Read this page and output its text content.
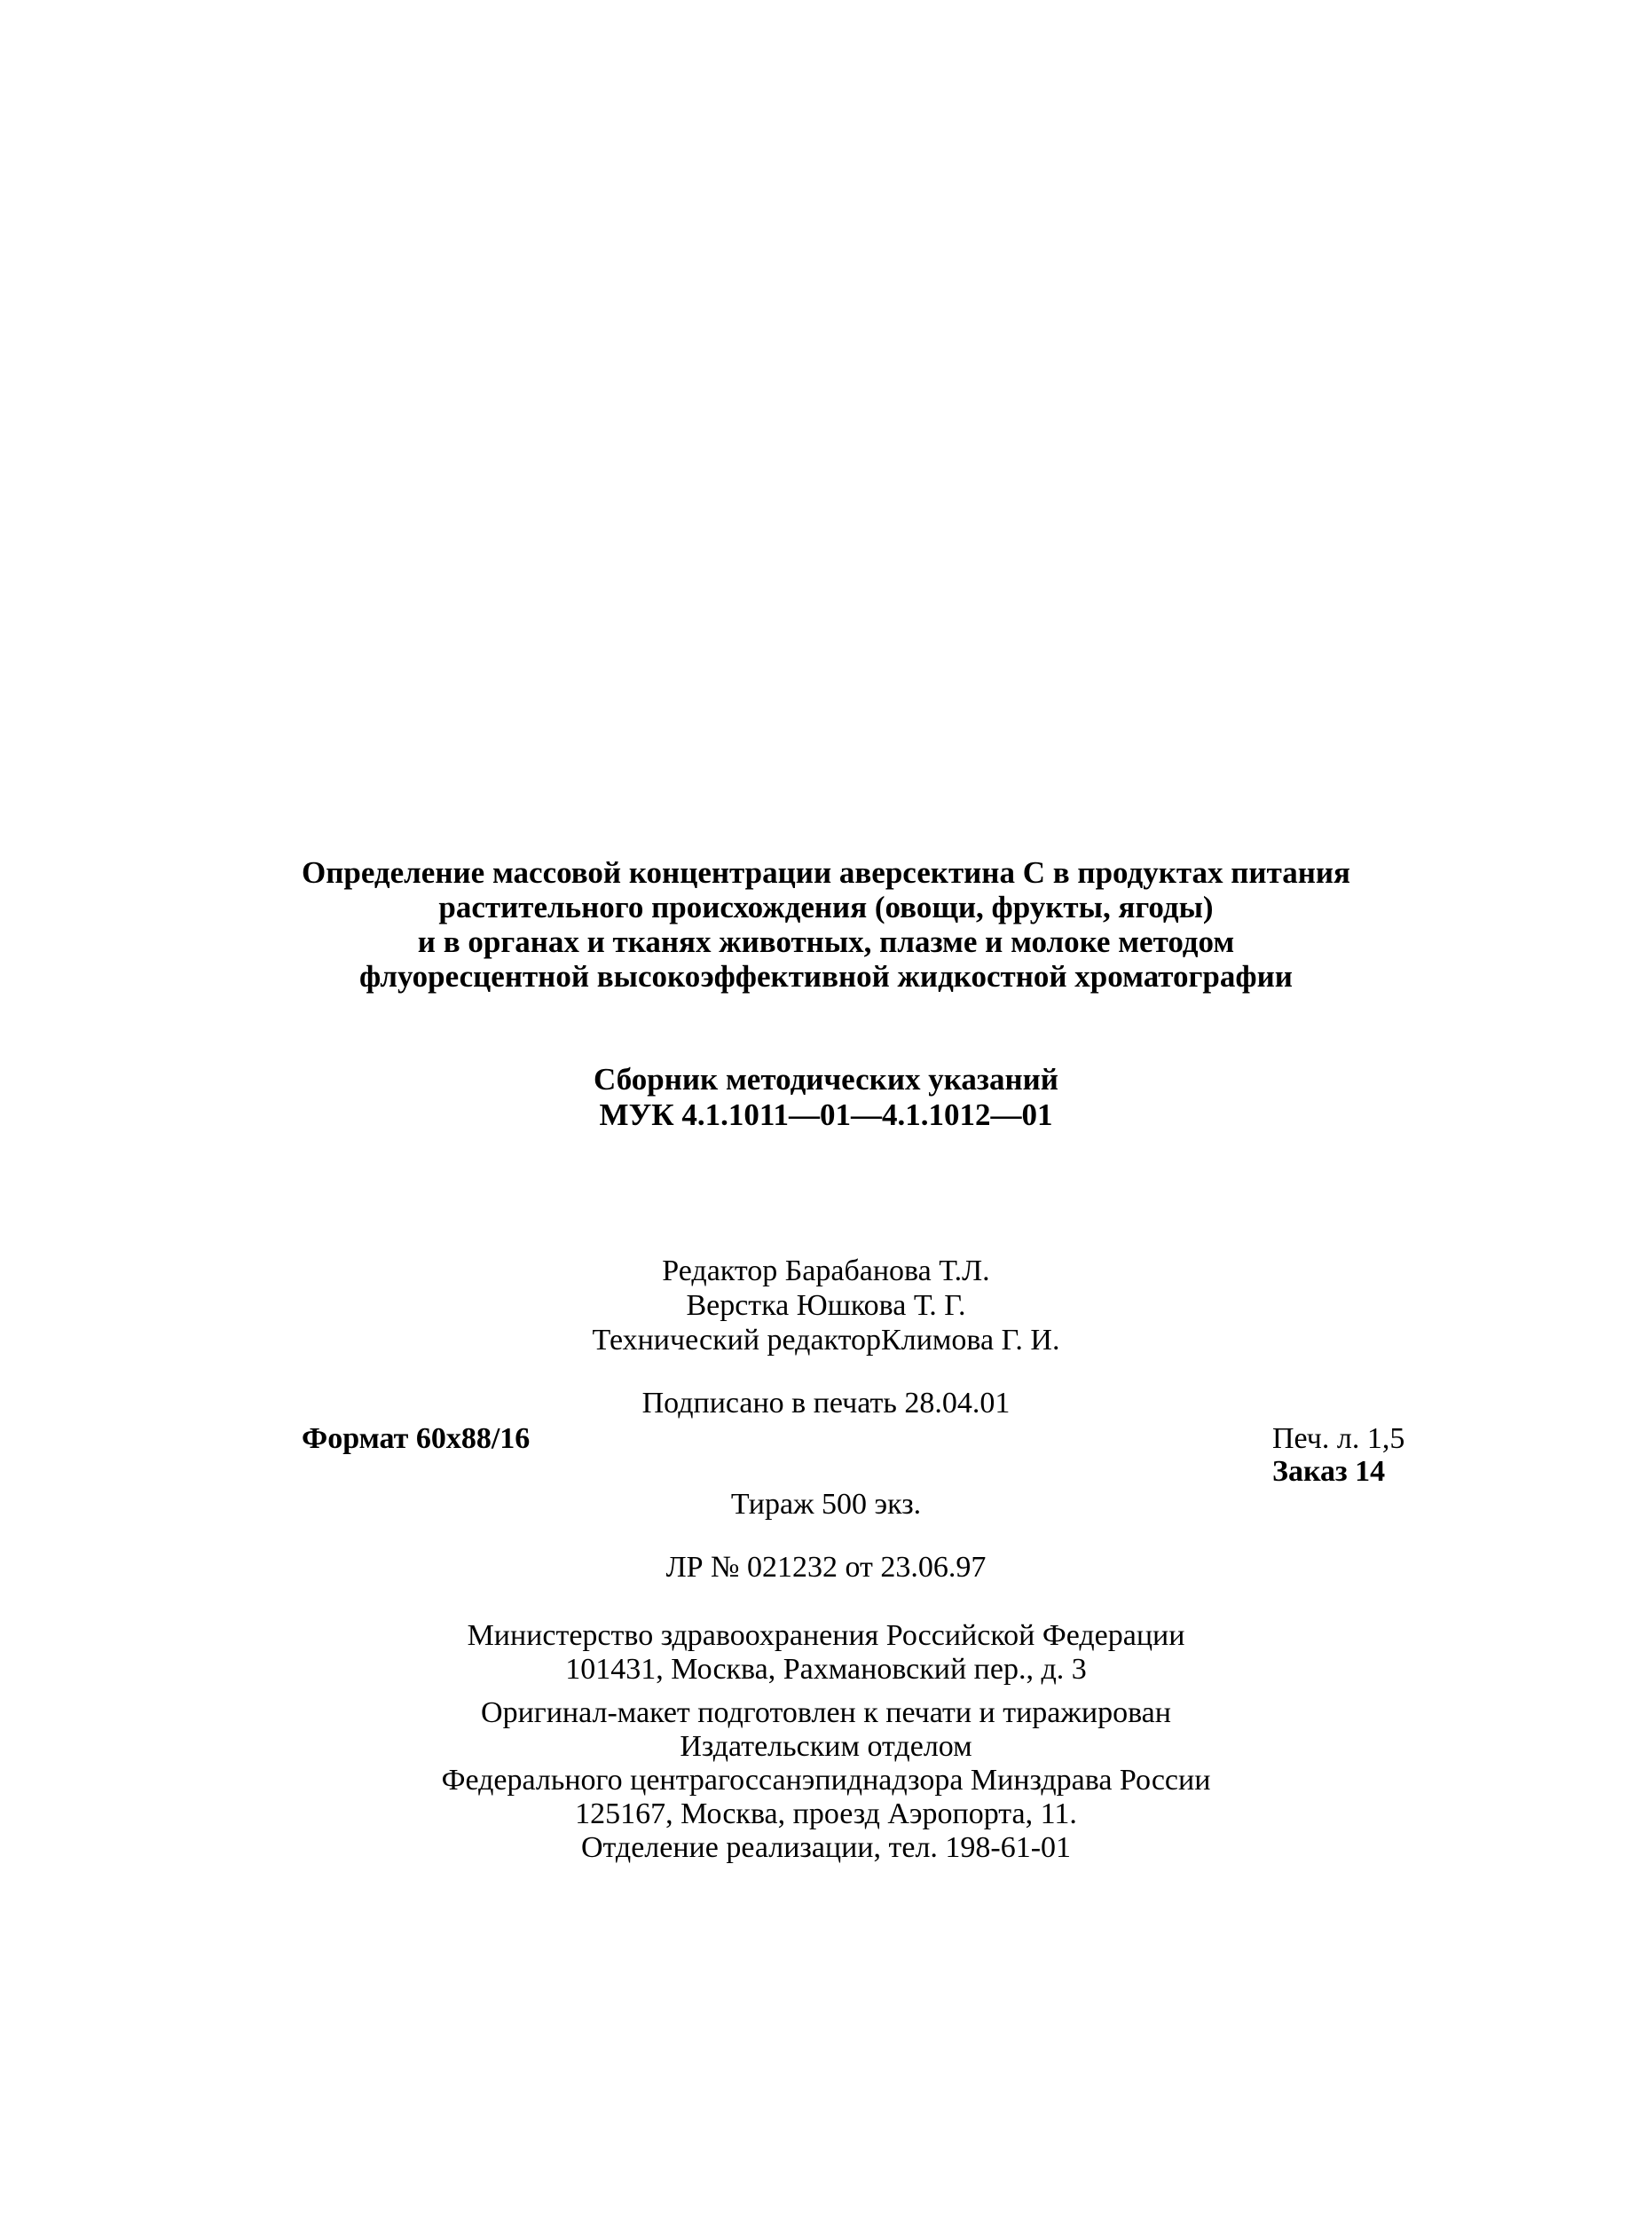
Определение массовой концентрации аверсектина С в продуктах питания
растительного происхождения (овощи, фрукты, ягоды)
и в органах и тканях животных, плазме и молоке методом
флуоресцентной высокоэффективной жидкостной хроматографии
Сборник методических указаний
МУК 4.1.1011—01—4.1.1012—01
Редактор Барабанова Т.Л.
Верстка Юшкова Т. Г.
Технический редакторКлимова Г. И.
Подписано в печать 28.04.01
Формат 60х88/16	Печ. л. 1,5
Заказ 14
Тираж 500 экз.
ЛР № 021232 от 23.06.97
Министерство здравоохранения Российской Федерации
101431, Москва, Рахмановский пер., д. 3
Оригинал-макет подготовлен к печати и тиражирован
Издательским отделом
Федерального центрагоссанэпиднадзора Минздрава России
125167, Москва, проезд Аэропорта, 11.
Отделение реализации, тел. 198-61-01
